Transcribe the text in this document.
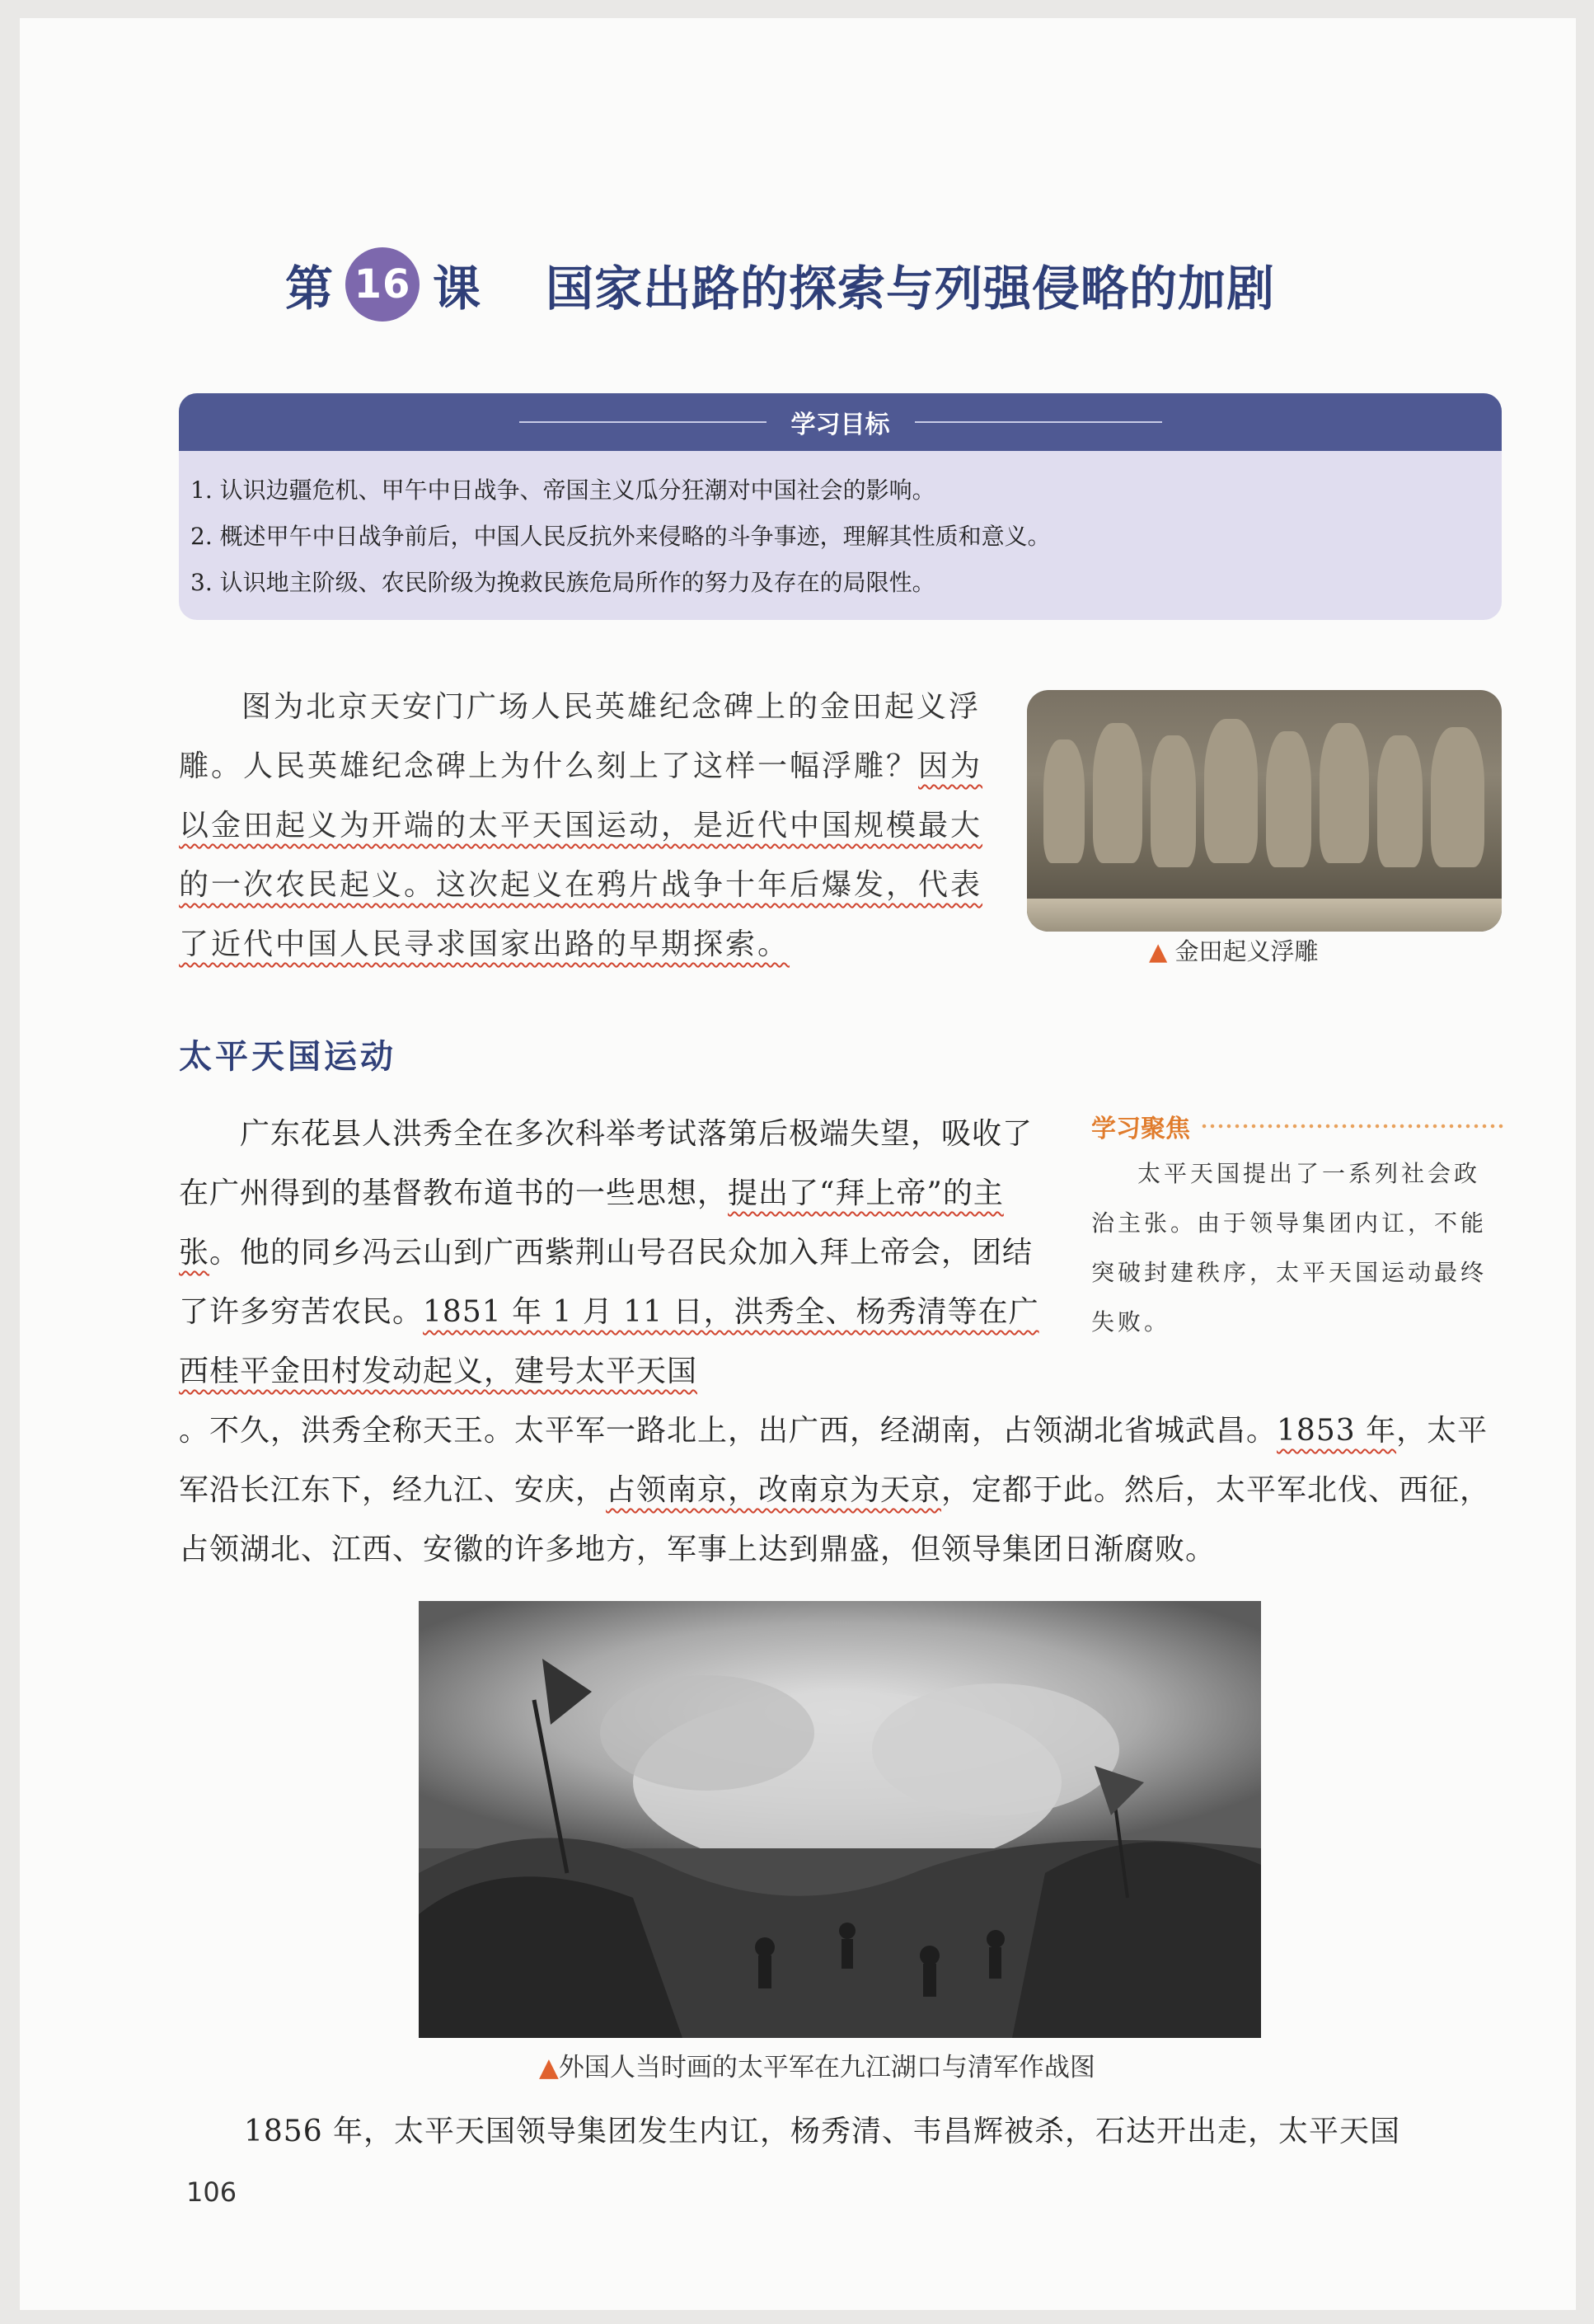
第 16 课 国家出路的探索与列强侵略的加剧
学习目标
1. 认识边疆危机、甲午中日战争、帝国主义瓜分狂潮对中国社会的影响。
2. 概述甲午中日战争前后，中国人民反抗外来侵略的斗争事迹，理解其性质和意义。
3. 认识地主阶级、农民阶级为挽救民族危局所作的努力及存在的局限性。
图为北京天安门广场人民英雄纪念碑上的金田起义浮雕。人民英雄纪念碑上为什么刻上了这样一幅浮雕？因为以金田起义为开端的太平天国运动，是近代中国规模最大的一次农民起义。这次起义在鸦片战争十年后爆发，代表了近代中国人民寻求国家出路的早期探索。	▲ 金田起义浮雕
太平天国运动
广东花县人洪秀全在多次科举考试落第后极端失望，吸收了在广州得到的基督教布道书的一些思想，提出了“拜上帝”的主张。他的同乡冯云山到广西紫荆山号召民众加入拜上帝会，团结了许多穷苦农民。1851 年 1 月 11 日，洪秀全、杨秀清等在广西桂平金田村发动起义，建号太平天国
。不久，洪秀全称天王。太平军一路北上，出广西，经湖南，占领湖北省城武昌。1853 年，太平军沿长江东下，经九江、安庆，占领南京，改南京为天京，定都于此。然后，太平军北伐、西征，占领湖北、江西、安徽的许多地方，军事上达到鼎盛，但领导集团日渐腐败。
学习聚焦
太平天国提出了一系列社会政治主张。由于领导集团内讧，不能突破封建秩序，太平天国运动最终失败。
▲外国人当时画的太平军在九江湖口与清军作战图
1856 年，太平天国领导集团发生内讧，杨秀清、韦昌辉被杀，石达开出走，太平天国
106
